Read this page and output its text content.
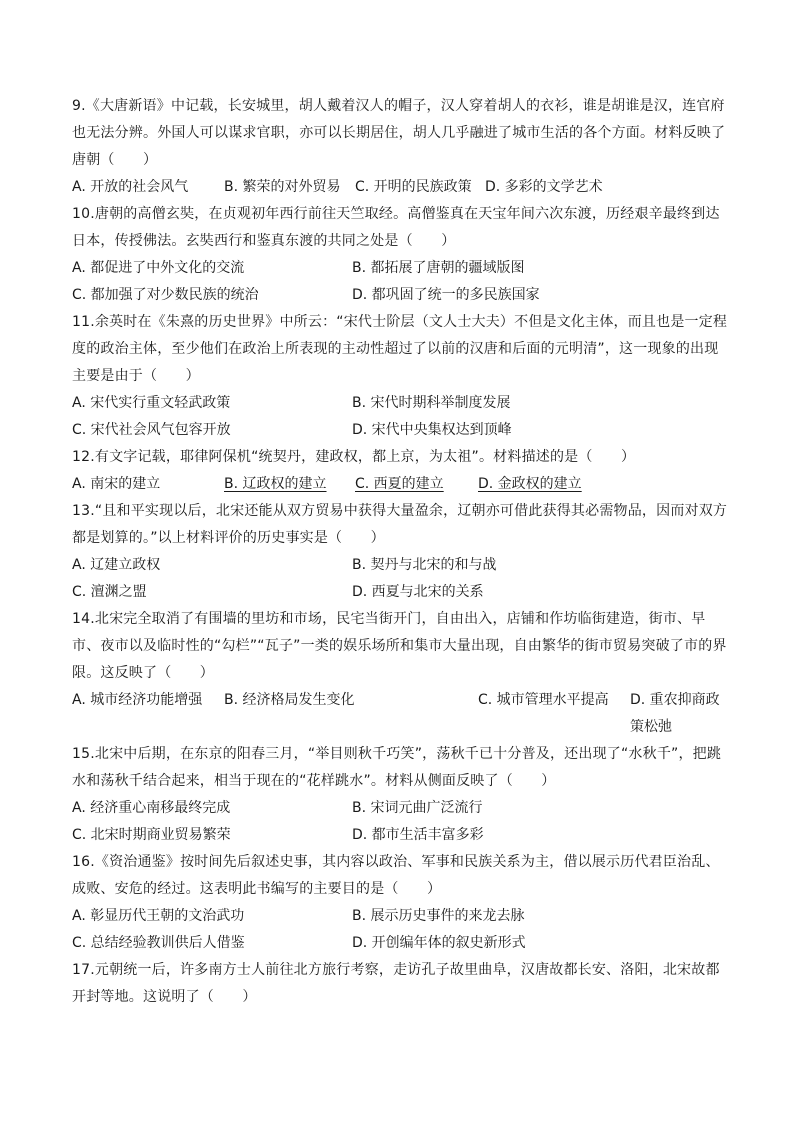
9.《大唐新语》中记载，长安城里，胡人戴着汉人的帽子，汉人穿着胡人的衣衫，谁是胡谁是汉，连官府也无法分辨。外国人可以谋求官职，亦可以长期居住，胡人几乎融进了城市生活的各个方面。材料反映了唐朝（　　）

A. 开放的社会风气	B. 繁荣的对外贸易 C. 开明的民族政策 D. 多彩的文学艺术

10.唐朝的高僧玄奘，在贞观初年西行前往天竺取经。高僧鉴真在天宝年间六次东渡，历经艰辛最终到达日本，传授佛法。玄奘西行和鉴真东渡的共同之处是（　　）

A. 都促进了中外文化的交流	B. 都拓展了唐朝的疆域版图
C. 都加强了对少数民族的统治	D. 都巩固了统一的多民族国家

11.余英时在《朱熹的历史世界》中所云：“宋代士阶层（文人士大夫）不但是文化主体，而且也是一定程度的政治主体，至少他们在政治上所表现的主动性超过了以前的汉唐和后面的元明清”，这一现象的出现主要是由于（　　）

A. 宋代实行重文轻武政策	B. 宋代时期科举制度发展
C. 宋代社会风气包容开放	D. 宋代中央集权达到顶峰

12.有文字记载，耶律阿保机“统契丹，建政权，都上京，为太祖”。材料描述的是（　　）

A. 南宋的建立	B. 辽政权的建立 C. 西夏的建立 D. 金政权的建立

13.“且和平实现以后，北宋还能从双方贸易中获得大量盈余，辽朝亦可借此获得其必需物品，因而对双方都是划算的。”以上材料评价的历史事实是（　　）

A. 辽建立政权	B. 契丹与北宋的和与战
C. 澶渊之盟	D. 西夏与北宋的关系

14.北宋完全取消了有围墙的里坊和市场，民宅当街开门，自由出入，店铺和作坊临街建造，街市、早市、夜市以及临时性的“勾栏”“瓦子”一类的娱乐场所和集市大量出现，自由繁华的街市贸易突破了市的界限。这反映了（　　）

A. 城市经济功能增强 B. 经济格局发生变化	C. 城市管理水平提高 D. 重农抑商政策松弛

15.北宋中后期，在东京的阳春三月，“举目则秋千巧笑”，荡秋千已十分普及，还出现了“水秋千”，把跳水和荡秋千结合起来，相当于现在的“花样跳水”。材料从侧面反映了（　　）

A. 经济重心南移最终完成	B. 宋词元曲广泛流行
C. 北宋时期商业贸易繁荣	D. 都市生活丰富多彩

16.《资治通鉴》按时间先后叙述史事，其内容以政治、军事和民族关系为主，借以展示历代君臣治乱、成败、安危的经过。这表明此书编写的主要目的是（　　）

A. 彰显历代王朝的文治武功	B. 展示历史事件的来龙去脉
C. 总结经验教训供后人借鉴	D. 开创编年体的叙史新形式

17.元朝统一后，许多南方士人前往北方旅行考察，走访孔子故里曲阜，汉唐故都长安、洛阳，北宋故都开封等地。这说明了（　　）
